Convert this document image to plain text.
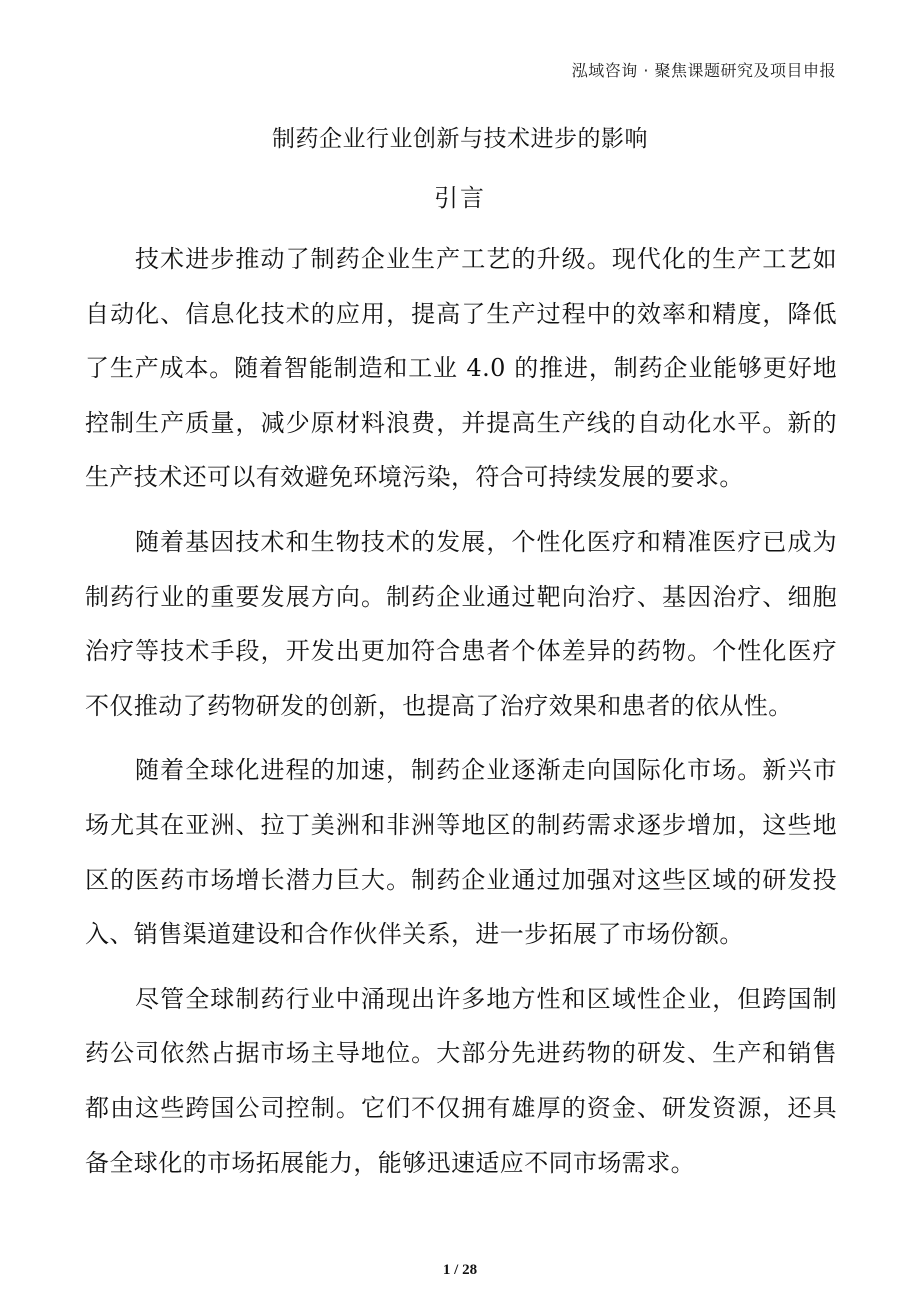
泓域咨询 · 聚焦课题研究及项目申报
制药企业行业创新与技术进步的影响
引言

技术进步推动了制药企业生产工艺的升级。现代化的生产工艺如自动化、信息化技术的应用，提高了生产过程中的效率和精度，降低了生产成本。随着智能制造和工业 4.0 的推进，制药企业能够更好地控制生产质量，减少原材料浪费，并提高生产线的自动化水平。新的生产技术还可以有效避免环境污染，符合可持续发展的要求。

随着基因技术和生物技术的发展，个性化医疗和精准医疗已成为制药行业的重要发展方向。制药企业通过靶向治疗、基因治疗、细胞治疗等技术手段，开发出更加符合患者个体差异的药物。个性化医疗不仅推动了药物研发的创新，也提高了治疗效果和患者的依从性。

随着全球化进程的加速，制药企业逐渐走向国际化市场。新兴市场尤其在亚洲、拉丁美洲和非洲等地区的制药需求逐步增加，这些地区的医药市场增长潜力巨大。制药企业通过加强对这些区域的研发投入、销售渠道建设和合作伙伴关系，进一步拓展了市场份额。

尽管全球制药行业中涌现出许多地方性和区域性企业，但跨国制药公司依然占据市场主导地位。大部分先进药物的研发、生产和销售都由这些跨国公司控制。它们不仅拥有雄厚的资金、研发资源，还具备全球化的市场拓展能力，能够迅速适应不同市场需求。

1 / 28
